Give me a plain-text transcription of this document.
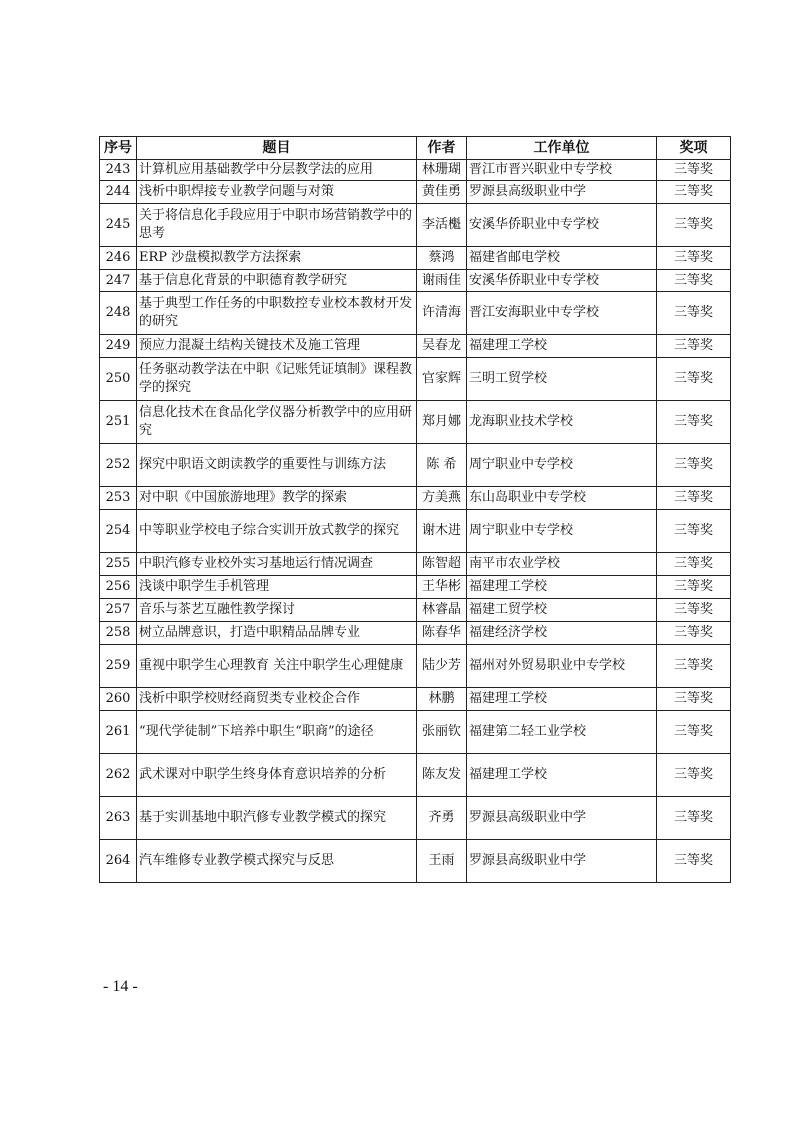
序号	题目	作者	工作单位	奖项
243	计算机应用基础教学中分层教学法的应用	林珊瑚	晋江市晋兴职业中专学校	三等奖
244	浅析中职焊接专业教学问题与对策	黄佳勇	罗源县高级职业中学	三等奖
245	关于将信息化手段应用于中职市场营销教学中的思考	李活櫆	安溪华侨职业中专学校	三等奖
246	ERP 沙盘模拟教学方法探索	蔡鸿	福建省邮电学校	三等奖
247	基于信息化背景的中职德育教学研究	谢雨佳	安溪华侨职业中专学校	三等奖
248	基于典型工作任务的中职数控专业校本教材开发的研究	许清海	晋江安海职业中专学校	三等奖
249	预应力混凝土结构关键技术及施工管理	吴春龙	福建理工学校	三等奖
250	任务驱动教学法在中职《记账凭证填制》课程教学的探究	官家辉	三明工贸学校	三等奖
251	信息化技术在食品化学仪器分析教学中的应用研究	郑月娜	龙海职业技术学校	三等奖
252	探究中职语文朗读教学的重要性与训练方法	陈 希	周宁职业中专学校	三等奖
253	对中职《中国旅游地理》教学的探索	方美燕	东山岛职业中专学校	三等奖
254	中等职业学校电子综合实训开放式教学的探究	谢木进	周宁职业中专学校	三等奖
255	中职汽修专业校外实习基地运行情况调查	陈智超	南平市农业学校	三等奖
256	浅谈中职学生手机管理	王华彬	福建理工学校	三等奖
257	音乐与茶艺互融性教学探讨	林睿晶	福建工贸学校	三等奖
258	树立品牌意识，打造中职精品品牌专业	陈春华	福建经济学校	三等奖
259	重视中职学生心理教育 关注中职学生心理健康	陆少芳	福州对外贸易职业中专学校	三等奖
260	浅析中职学校财经商贸类专业校企合作	林鹏	福建理工学校	三等奖
261	“现代学徒制”下培养中职生“职商”的途径	张丽钦	福建第二轻工业学校	三等奖
262	武术课对中职学生终身体育意识培养的分析	陈友发	福建理工学校	三等奖
263	基于实训基地中职汽修专业教学模式的探究	齐勇	罗源县高级职业中学	三等奖
264	汽车维修专业教学模式探究与反思	王雨	罗源县高级职业中学	三等奖
- 14 -
